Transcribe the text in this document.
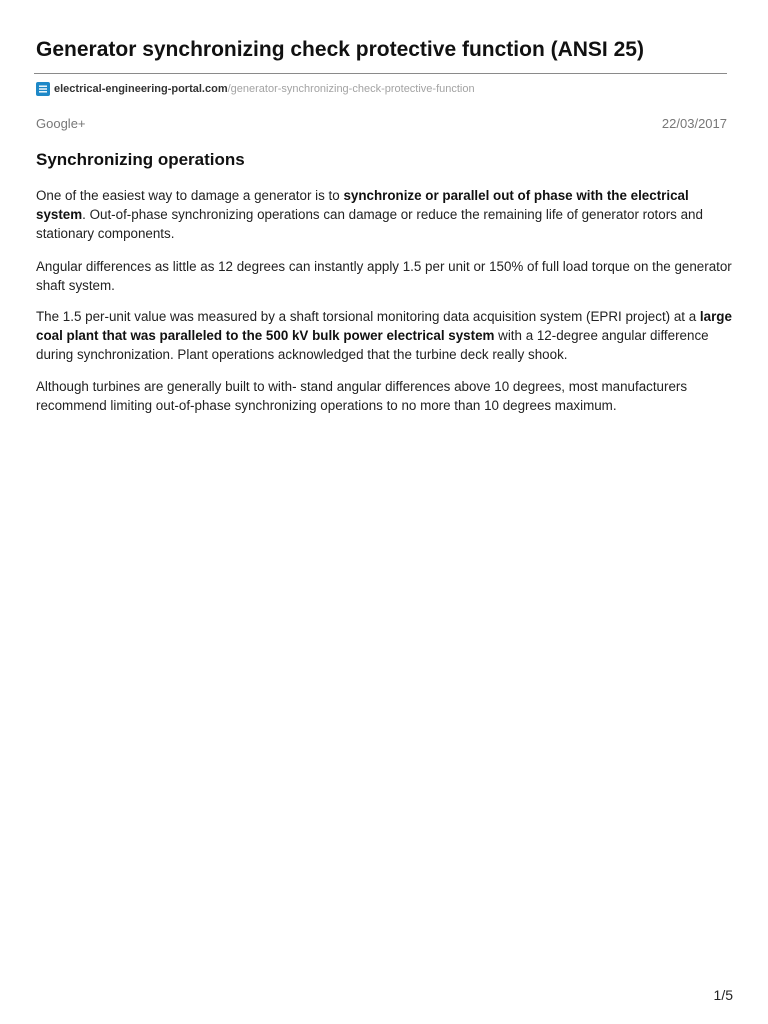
Generator synchronizing check protective function (ANSI 25)
electrical-engineering-portal.com /generator-synchronizing-check-protective-function
Google+	22/03/2017
Synchronizing operations

One of the easiest way to damage a generator is to synchronize or parallel out of phase with the electrical system. Out-of-phase synchronizing operations can damage or reduce the remaining life of generator rotors and stationary components.

Angular differences as little as 12 degrees can instantly apply 1.5 per unit or 150% of full load torque on the generator shaft system.

The 1.5 per-unit value was measured by a shaft torsional monitoring data acquisition system (EPRI project) at a large coal plant that was paralleled to the 500 kV bulk power electrical system with a 12-degree angular difference during synchronization. Plant operations acknowledged that the turbine deck really shook.

Although turbines are generally built to with- stand angular differences above 10 degrees, most manufacturers recommend limiting out-of-phase synchronizing operations to no more than 10 degrees maximum.

1/5
